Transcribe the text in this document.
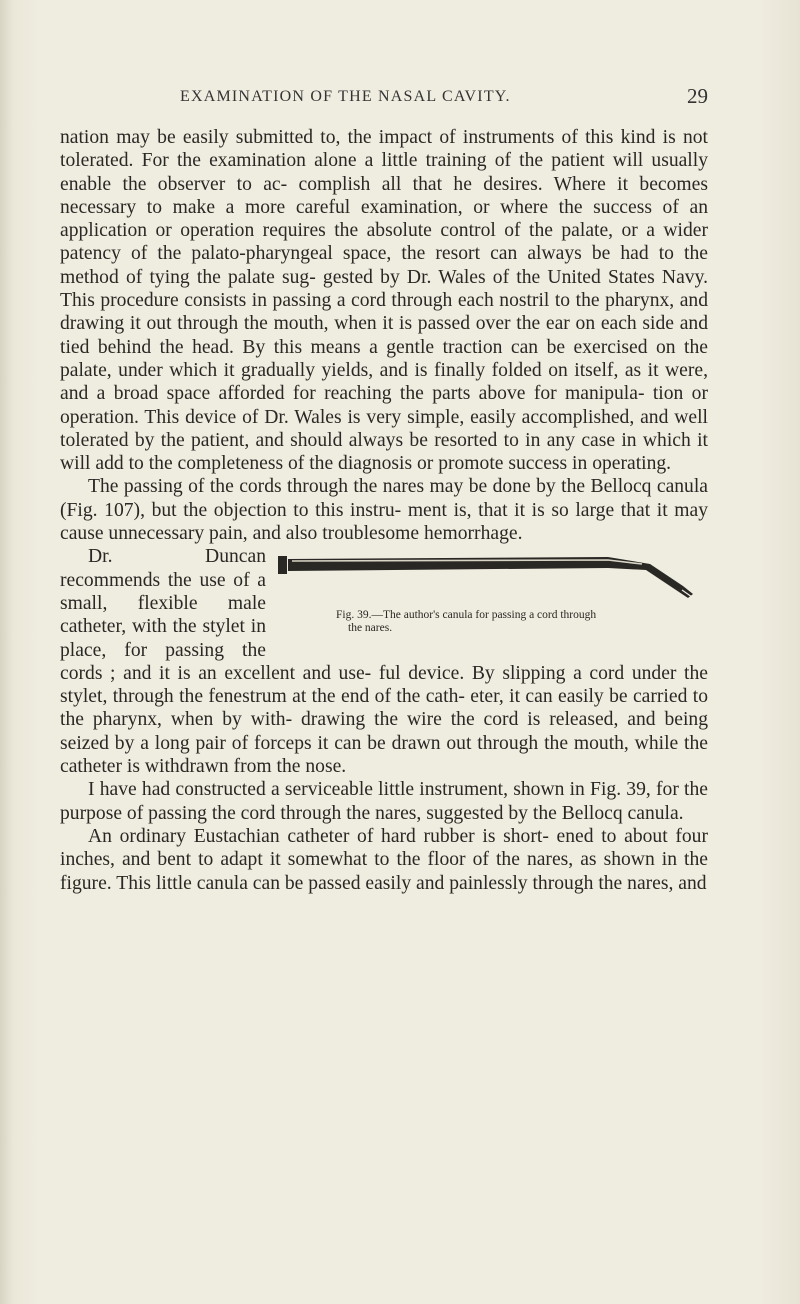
EXAMINATION OF THE NASAL CAVITY.	29

nation may be easily submitted to, the impact of instruments of this kind is not tolerated. For the examination alone a little training of the patient will usually enable the observer to ac- complish all that he desires. Where it becomes necessary to make a more careful examination, or where the success of an application or operation requires the absolute control of the palate, or a wider patency of the palato-pharyngeal space, the resort can always be had to the method of tying the palate sug- gested by Dr. Wales of the United States Navy. This procedure consists in passing a cord through each nostril to the pharynx, and drawing it out through the mouth, when it is passed over the ear on each side and tied behind the head. By this means a gentle traction can be exercised on the palate, under which it gradually yields, and is finally folded on itself, as it were, and a broad space afforded for reaching the parts above for manipula- tion or operation. This device of Dr. Wales is very simple, easily accomplished, and well tolerated by the patient, and should always be resorted to in any case in which it will add to the completeness of the diagnosis or promote success in operating.

The passing of the cords through the nares may be done by the Bellocq canula (Fig. 107), but the objection to this instru- ment is, that it is so large that it may cause unnecessary pain, and also troublesome hemorrhage.

Fig. 39.—The author's canula for passing a cord through
the nares.
Dr. Duncan recommends the use of a small, flexible male catheter, with the stylet in place, for passing the cords ; and it is an excellent and use- ful device. By slipping a cord under the stylet, through the fenestrum at the end of the cath- eter, it can easily be carried to the pharynx, when by with- drawing the wire the cord is released, and being seized by a long pair of forceps it can be drawn out through the mouth, while the catheter is withdrawn from the nose.

I have had constructed a serviceable little instrument, shown in Fig. 39, for the purpose of passing the cord through the nares, suggested by the Bellocq canula.

An ordinary Eustachian catheter of hard rubber is short- ened to about four inches, and bent to adapt it somewhat to the floor of the nares, as shown in the figure. This little canula can be passed easily and painlessly through the nares, and
